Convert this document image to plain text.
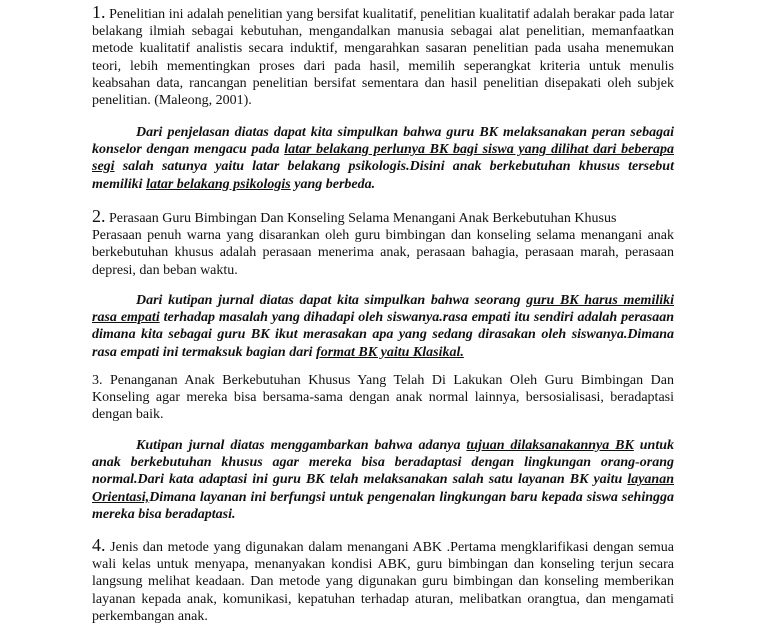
1. Penelitian ini adalah penelitian yang bersifat kualitatif, penelitian kualitatif adalah berakar pada latar belakang ilmiah sebagai kebutuhan, mengandalkan manusia sebagai alat penelitian, memanfaatkan metode kualitatif analistis secara induktif, mengarahkan sasaran penelitian pada usaha menemukan teori, lebih mementingkan proses dari pada hasil, memilih seperangkat kriteria untuk menulis keabsahan data, rancangan penelitian bersifat sementara dan hasil penelitian disepakati oleh subjek penelitian. (Maleong, 2001).

Dari penjelasan diatas dapat kita simpulkan bahwa guru BK melaksanakan peran sebagai konselor dengan mengacu pada latar belakang perlunya BK bagi siswa yang dilihat dari beberapa segi salah satunya yaitu latar belakang psikologis.Disini anak berkebutuhan khusus tersebut memiliki latar belakang psikologis yang berbeda.

2. Perasaan Guru Bimbingan Dan Konseling Selama Menangani Anak Berkebutuhan Khusus

Perasaan penuh warna yang disarankan oleh guru bimbingan dan konseling selama menangani anak berkebutuhan khusus adalah perasaan menerima anak, perasaan bahagia, perasaan marah, perasaan depresi, dan beban waktu.

Dari kutipan jurnal diatas dapat kita simpulkan bahwa seorang guru BK harus memiliki rasa empati terhadap masalah yang dihadapi oleh siswanya.rasa empati itu sendiri adalah perasaan dimana kita sebagai guru BK ikut merasakan apa yang sedang dirasakan oleh siswanya.Dimana rasa empati ini termaksuk bagian dari format BK yaitu Klasikal.

3. Penanganan Anak Berkebutuhan Khusus Yang Telah Di Lakukan Oleh Guru Bimbingan Dan Konseling agar mereka bisa bersama-sama dengan anak normal lainnya, bersosialisasi, beradaptasi dengan baik.

Kutipan jurnal diatas menggambarkan bahwa adanya tujuan dilaksanakannya BK untuk anak berkebutuhan khusus agar mereka bisa beradaptasi dengan lingkungan orang-orang normal.Dari kata adaptasi ini guru BK telah melaksanakan salah satu layanan BK yaitu layanan Orientasi,Dimana layanan ini berfungsi untuk pengenalan lingkungan baru kepada siswa sehingga mereka bisa beradaptasi.

4. Jenis dan metode yang digunakan dalam menangani ABK .Pertama mengklarifikasi dengan semua wali kelas untuk menyapa, menanyakan kondisi ABK, guru bimbingan dan konseling terjun secara langsung melihat keadaan. Dan metode yang digunakan guru bimbingan dan konseling memberikan layanan kepada anak, komunikasi, kepatuhan terhadap aturan, melibatkan orangtua, dan mengamati perkembangan anak.
